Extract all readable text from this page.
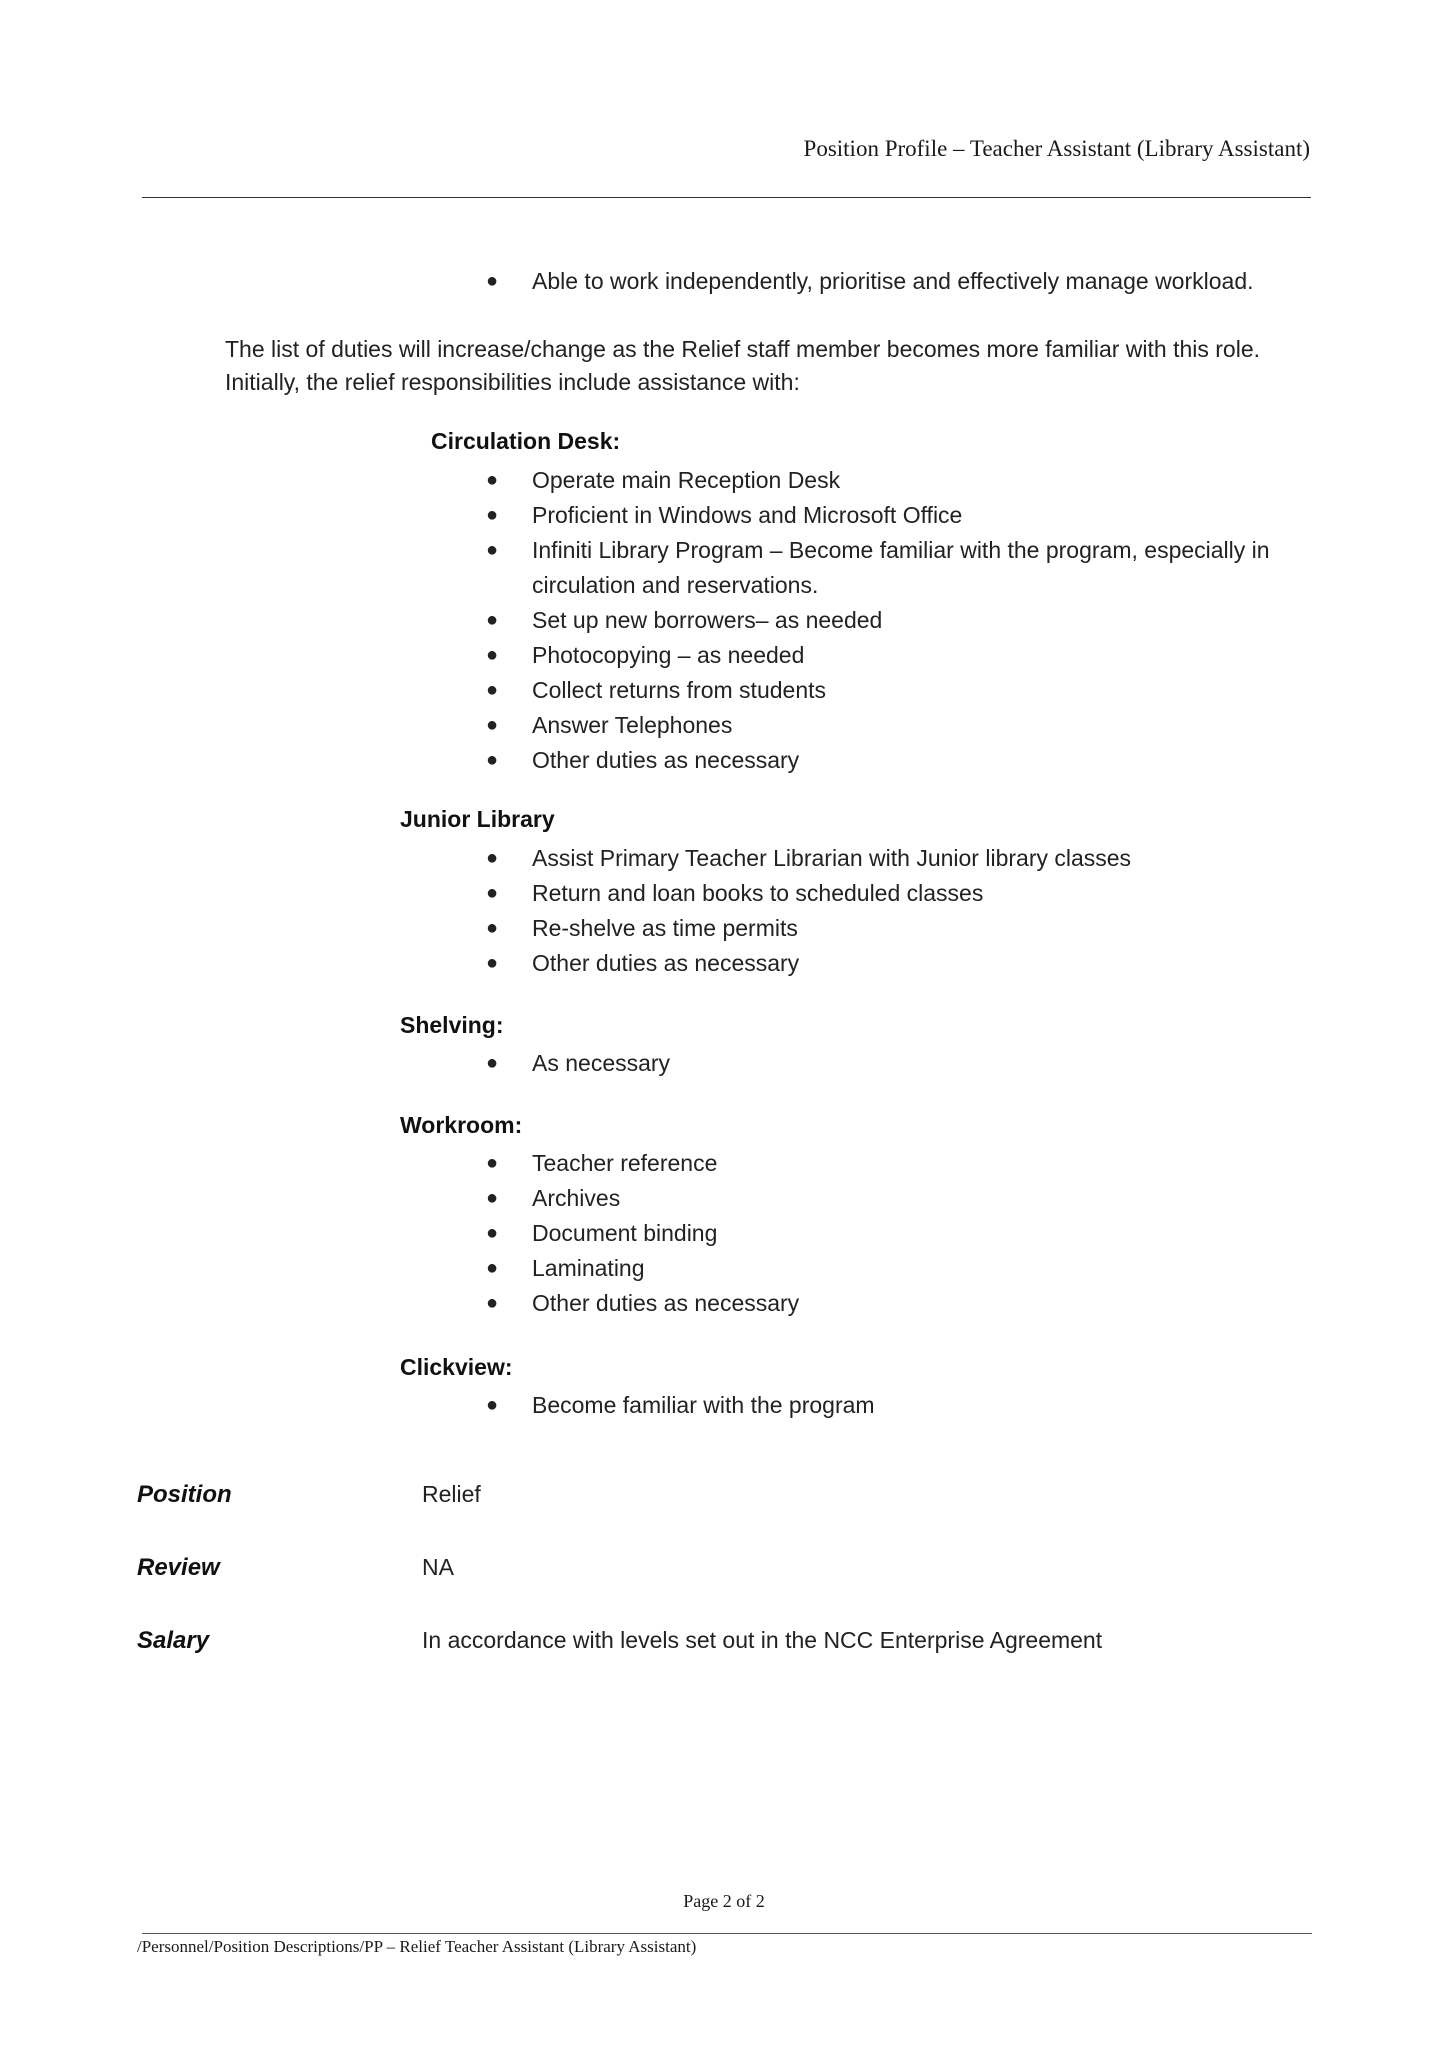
Position Profile – Teacher Assistant (Library Assistant)
● Able to work independently, prioritise and effectively manage workload.

The list of duties will increase/change as the Relief staff member becomes more familiar with this role.

Initially, the relief responsibilities include assistance with:

Circulation Desk:
● Operate main Reception Desk
● Proficient in Windows and Microsoft Office
● Infiniti Library Program – Become familiar with the program, especially in circulation and reservations.
● Set up new borrowers– as needed
● Photocopying – as needed
● Collect returns from students
● Answer Telephones
● Other duties as necessary
Junior Library
● Assist Primary Teacher Librarian with Junior library classes
● Return and loan books to scheduled classes
● Re-shelve as time permits
● Other duties as necessary
Shelving:
● As necessary
Workroom:
● Teacher reference
● Archives
● Document binding
● Laminating
● Other duties as necessary
Clickview:
● Become familiar with the program
Position	Relief
Review	NA
Salary	In accordance with levels set out in the NCC Enterprise Agreement
Page 2 of 2
/Personnel/Position Descriptions/PP – Relief Teacher Assistant (Library Assistant)
